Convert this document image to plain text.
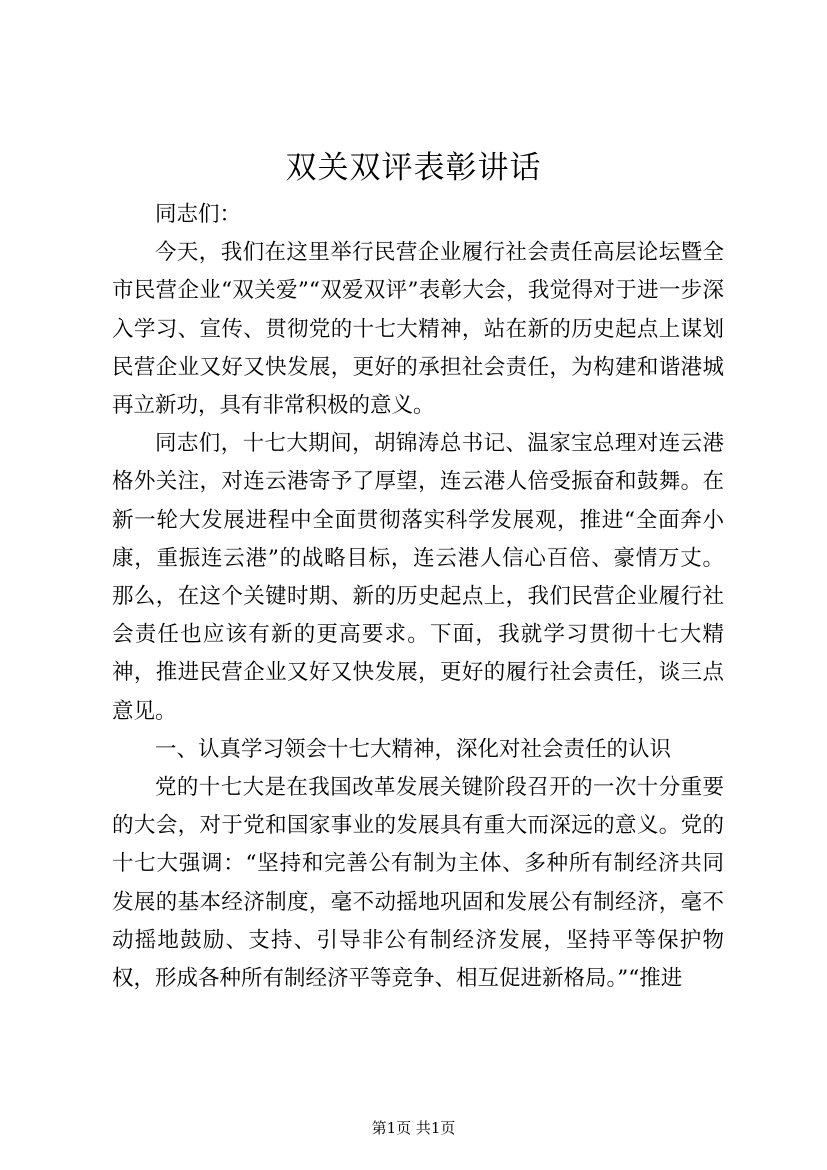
双关双评表彰讲话

同志们：

今天，我们在这里举行民营企业履行社会责任高层论坛暨全市民营企业“双关爱”“双爱双评”表彰大会，我觉得对于进一步深入学习、宣传、贯彻党的十七大精神，站在新的历史起点上谋划民营企业又好又快发展，更好的承担社会责任，为构建和谐港城再立新功，具有非常积极的意义。

同志们，十七大期间，胡锦涛总书记、温家宝总理对连云港格外关注，对连云港寄予了厚望，连云港人倍受振奋和鼓舞。在新一轮大发展进程中全面贯彻落实科学发展观，推进“全面奔小康，重振连云港”的战略目标，连云港人信心百倍、豪情万丈。那么，在这个关键时期、新的历史起点上，我们民营企业履行社会责任也应该有新的更高要求。下面，我就学习贯彻十七大精神，推进民营企业又好又快发展，更好的履行社会责任，谈三点意见。

一、认真学习领会十七大精神，深化对社会责任的认识

党的十七大是在我国改革发展关键阶段召开的一次十分重要的大会，对于党和国家事业的发展具有重大而深远的意义。党的十七大强调：“坚持和完善公有制为主体、多种所有制经济共同发展的基本经济制度，毫不动摇地巩固和发展公有制经济，毫不动摇地鼓励、支持、引导非公有制经济发展，坚持平等保护物权，形成各种所有制经济平等竞争、相互促进新格局。”“推进

第1页 共1页
